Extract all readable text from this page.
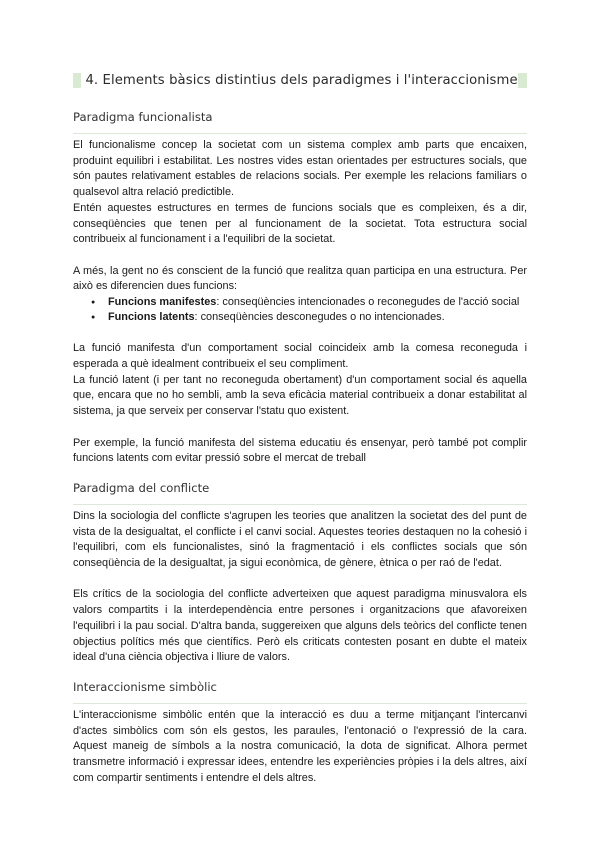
4. Elements bàsics distintius dels paradigmes i l'interaccionisme
Paradigma funcionalista

El funcionalisme concep la societat com un sistema complex amb parts que encaixen, produint equilibri i estabilitat. Les nostres vides estan orientades per estructures socials, que són pautes relativament estables de relacions socials. Per exemple les relacions familiars o qualsevol altra relació predictible.

Entén aquestes estructures en termes de funcions socials que es compleixen, és a dir, conseqüències que tenen per al funcionament de la societat. Tota estructura social contribueix al funcionament i a l'equilibri de la societat.

A més, la gent no és conscient de la funció que realitza quan participa en una estructura. Per això es diferencien dues funcions:

● Funcions manifestes: conseqüències intencionades o reconegudes de l'acció social
● Funcions latents: conseqüències desconegudes o no intencionades.

La funció manifesta d'un comportament social coincideix amb la comesa reconeguda i esperada a què idealment contribueix el seu compliment.

La funció latent (i per tant no reconeguda obertament) d'un comportament social és aquella que, encara que no ho sembli, amb la seva eficàcia material contribueix a donar estabilitat al sistema, ja que serveix per conservar l'statu quo existent.

Per exemple, la funció manifesta del sistema educatiu és ensenyar, però també pot complir funcions latents com evitar pressió sobre el mercat de treball

Paradigma del conflicte

Dins la sociologia del conflicte s'agrupen les teories que analitzen la societat des del punt de vista de la desigualtat, el conflicte i el canvi social. Aquestes teories destaquen no la cohesió i l'equilibri, com els funcionalistes, sinó la fragmentació i els conflictes socials que són conseqüència de la desigualtat, ja sigui econòmica, de gènere, ètnica o per raó de l'edat.

Els crítics de la sociologia del conflicte adverteixen que aquest paradigma minusvalora els valors compartits i la interdependència entre persones i organitzacions que afavoreixen l'equilibri i la pau social. D'altra banda, suggereixen que alguns dels teòrics del conflicte tenen objectius polítics més que científics. Però els criticats contesten posant en dubte el mateix ideal d'una ciència objectiva i lliure de valors.

Interaccionisme simbòlic

L'interaccionisme simbòlic entén que la interacció es duu a terme mitjançant l'intercanvi d'actes simbòlics com són els gestos, les paraules, l'entonació o l'expressió de la cara. Aquest maneig de símbols a la nostra comunicació, la dota de significat. Alhora permet transmetre informació i expressar idees, entendre les experiències pròpies i la dels altres, així com compartir sentiments i entendre el dels altres.
